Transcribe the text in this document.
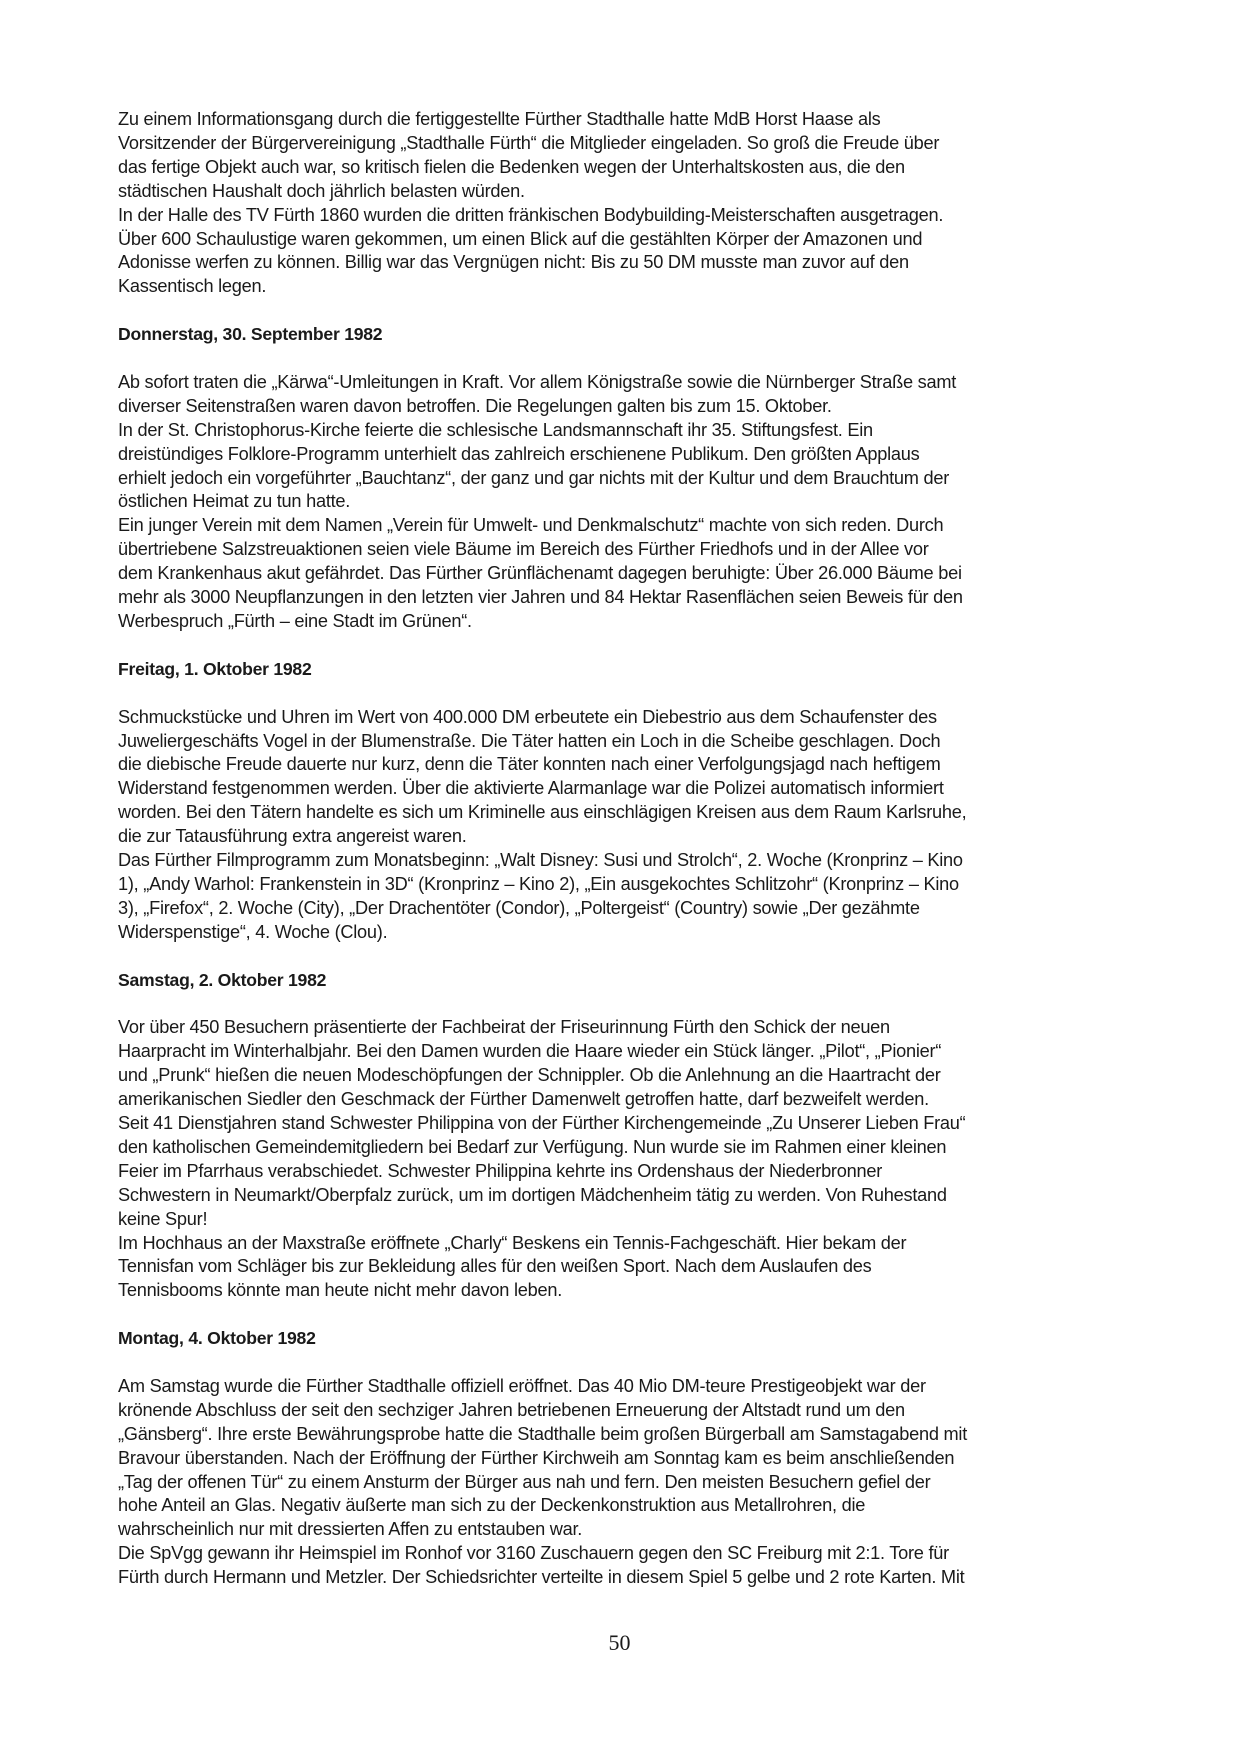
Zu einem Informationsgang durch die fertiggestellte Fürther Stadthalle hatte MdB Horst Haase als
Vorsitzender der Bürgervereinigung „Stadthalle Fürth“ die Mitglieder eingeladen. So groß die Freude über
das fertige Objekt auch war, so kritisch fielen die Bedenken wegen der Unterhaltskosten aus, die den
städtischen Haushalt doch jährlich belasten würden.
In der Halle des TV Fürth 1860 wurden die dritten fränkischen Bodybuilding-Meisterschaften ausgetragen.
Über 600 Schaulustige waren gekommen, um einen Blick auf die gestählten Körper der Amazonen und
Adonisse werfen zu können. Billig war das Vergnügen nicht: Bis zu 50 DM musste man zuvor auf den
Kassentisch legen.
Donnerstag, 30. September 1982
Ab sofort traten die „Kärwa“-Umleitungen in Kraft. Vor allem Königstraße sowie die Nürnberger Straße samt
diverser Seitenstraßen waren davon betroffen. Die Regelungen galten bis zum 15. Oktober.
In der St. Christophorus-Kirche feierte die schlesische Landsmannschaft ihr 35. Stiftungsfest. Ein
dreistündiges Folklore-Programm unterhielt das zahlreich erschienene Publikum. Den größten Applaus
erhielt jedoch ein vorgeführter „Bauchtanz“, der ganz und gar nichts mit der Kultur und dem Brauchtum der
östlichen Heimat zu tun hatte.
Ein junger Verein mit dem Namen „Verein für Umwelt- und Denkmalschutz“ machte von sich reden. Durch
übertriebene Salzstreuaktionen seien viele Bäume im Bereich des Fürther Friedhofs und in der Allee vor
dem Krankenhaus akut gefährdet. Das Fürther Grünflächenamt dagegen beruhigte: Über 26.000 Bäume bei
mehr als 3000 Neupflanzungen in den letzten vier Jahren und 84 Hektar Rasenflächen seien Beweis für den
Werbespruch „Fürth – eine Stadt im Grünen“.
Freitag, 1. Oktober 1982
Schmuckstücke und Uhren im Wert von 400.000 DM erbeutete ein Diebestrio aus dem Schaufenster des
Juweliergeschäfts Vogel in der Blumenstraße. Die Täter hatten ein Loch in die Scheibe geschlagen. Doch
die diebische Freude dauerte nur kurz, denn die Täter konnten nach einer Verfolgungsjagd nach heftigem
Widerstand festgenommen werden. Über die aktivierte Alarmanlage war die Polizei automatisch informiert
worden. Bei den Tätern handelte es sich um Kriminelle aus einschlägigen Kreisen aus dem Raum Karlsruhe,
die zur Tatausführung extra angereist waren.
Das Fürther Filmprogramm zum Monatsbeginn: „Walt Disney: Susi und Strolch“, 2. Woche (Kronprinz – Kino
1), „Andy Warhol: Frankenstein in 3D“ (Kronprinz – Kino 2), „Ein ausgekochtes Schlitzohr“ (Kronprinz – Kino
3), „Firefox“, 2. Woche (City), „Der Drachentöter (Condor), „Poltergeist“ (Country) sowie „Der gezähmte
Widerspenstige“, 4. Woche (Clou).
Samstag, 2. Oktober 1982
Vor über 450 Besuchern präsentierte der Fachbeirat der Friseurinnung Fürth den Schick der neuen
Haarpracht im Winterhalbjahr. Bei den Damen wurden die Haare wieder ein Stück länger. „Pilot“, „Pionier“
und „Prunk“ hießen die neuen Modeschöpfungen der Schnippler. Ob die Anlehnung an die Haartracht der
amerikanischen Siedler den Geschmack der Fürther Damenwelt getroffen hatte, darf bezweifelt werden.
Seit 41 Dienstjahren stand Schwester Philippina von der Fürther Kirchengemeinde „Zu Unserer Lieben Frau“
den katholischen Gemeindemitgliedern bei Bedarf zur Verfügung. Nun wurde sie im Rahmen einer kleinen
Feier im Pfarrhaus verabschiedet. Schwester Philippina kehrte ins Ordenshaus der Niederbronner
Schwestern in Neumarkt/Oberpfalz zurück, um im dortigen Mädchenheim tätig zu werden. Von Ruhestand
keine Spur!
Im Hochhaus an der Maxstraße eröffnete „Charly“ Beskens ein Tennis-Fachgeschäft. Hier bekam der
Tennisfan vom Schläger bis zur Bekleidung alles für den weißen Sport. Nach dem Auslaufen des
Tennisbooms könnte man heute nicht mehr davon leben.
Montag, 4. Oktober 1982
Am Samstag wurde die Fürther Stadthalle offiziell eröffnet. Das 40 Mio DM-teure Prestigeobjekt war der
krönende Abschluss der seit den sechziger Jahren betriebenen Erneuerung der Altstadt rund um den
„Gänsberg“. Ihre erste Bewährungsprobe hatte die Stadthalle beim großen Bürgerball am Samstagabend mit
Bravour überstanden. Nach der Eröffnung der Fürther Kirchweih am Sonntag kam es beim anschließenden
„Tag der offenen Tür“ zu einem Ansturm der Bürger aus nah und fern. Den meisten Besuchern gefiel der
hohe Anteil an Glas. Negativ äußerte man sich zu der Deckenkonstruktion aus Metallrohren, die
wahrscheinlich nur mit dressierten Affen zu entstauben war.
Die SpVgg gewann ihr Heimspiel im Ronhof vor 3160 Zuschauern gegen den SC Freiburg mit 2:1. Tore für
Fürth durch Hermann und Metzler. Der Schiedsrichter verteilte in diesem Spiel 5 gelbe und 2 rote Karten. Mit
50
